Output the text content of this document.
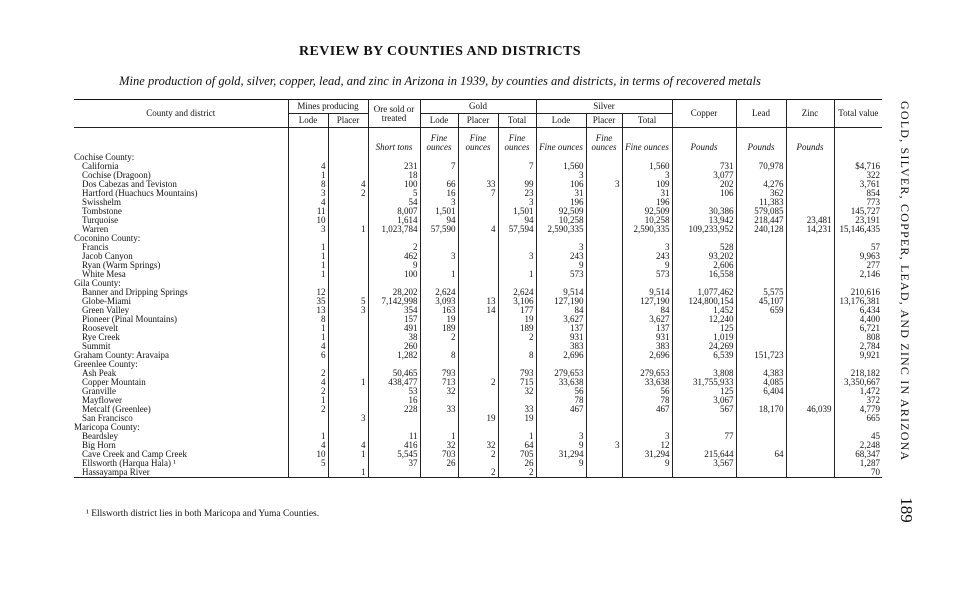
REVIEW BY COUNTIES AND DISTRICTS
Mine production of gold, silver, copper, lead, and zinc in Arizona in 1939, by counties and districts, in terms of recovered metals
County and district	Mines producing		Ore sold or treated	Gold			Silver			Copper	Lead	Zinc	Total value
	Lode	Placer		Lode	Placer	Total	Lode	Placer	Total				

			Short tons	Fine ounces	Fine ounces	Fine ounces	Fine ounces	Fine ounces	Fine ounces	Pounds	Pounds	Pounds	
Cochise County:													
California	4		231	7		7	1,560		1,560	731	70,978		$4,716
Cochise (Dragoon)	1		18				3		3	3,077			322
Dos Cabezas and Teviston	8	4	100	66	33	99	106	3	109	202	4,276		3,761
Hartford (Huachucs Mountains)	3	2	5	16	7	23	31		31	106	362		854
Swisshelm	4		54	3		3	196		196		11,383		773
Tombstone	11		8,007	1,501		1,501	92,509		92,509	30,386	579,085		145,727
Turquoise	10		1,614	94		94	10,258		10,258	13,942	218,447	23,481	23,191
Warren	3	1	1,023,784	57,590	4	57,594	2,590,335		2,590,335	109,233,952	240,128	14,231	15,146,435
Coconino County:													
Francis	1		2				3		3	528			57
Jacob Canyon	1		462	3		3	243		243	93,202			9,963
Ryan (Warm Springs)	1		9				9		9	2,606			277
White Mesa	1		100	1		1	573		573	16,558			2,146
Gila County:													
Banner and Dripping Springs	12		28,202	2,624		2,624	9,514		9,514	1,077,462	5,575		210,616
Globe-Miami	35	5	7,142,998	3,093	13	3,106	127,190		127,190	124,800,154	45,107		13,176,381
Green Valley	13	3	354	163	14	177	84		84	1,452	659		6,434
Pioneer (Pinal Mountains)	8		157	19		19	3,627		3,627	12,240			4,400
Roosevelt	1		491	189		189	137		137	125			6,721
Rye Creek	1		38	2		2	931		931	1,019			808
Summit	4		260				383		383	24,269			2,784
Graham County: Aravaipa	6		1,282	8		8	2,696		2,696	6,539	151,723		9,921
Greenlee County:													
Ash Peak	2		50,465	793		793	279,653		279,653	3,808	4,383		218,182
Copper Mountain	4	1	438,477	713	2	715	33,638		33,638	31,755,933	4,085		3,350,667
Granville	2		53	32		32	56		56	125	6,404		1,472
Mayflower	1		16				78		78	3,067			372
Metcalf (Greenlee)	2		228	33		33	467		467	567	18,170	46,039	4,779
San Francisco		3			19	19							665
Maricopa County:													
Beardsley	1		11	1		1	3		3	77			45
Big Horn	4	4	416	32	32	64	9	3	12				2,248
Cave Creek and Camp Creek	10	1	5,545	703	2	705	31,294		31,294	215,644	64		68,347
Ellsworth (Harqua Hala) ¹	5		37	26		26	9		9	3,567			1,287
Hassayampa River		1			2	2							70
¹ Ellsworth district lies in both Maricopa and Yuma Counties.
GOLD, SILVER, COPPER, LEAD, AND ZINC IN ARIZONA
189
